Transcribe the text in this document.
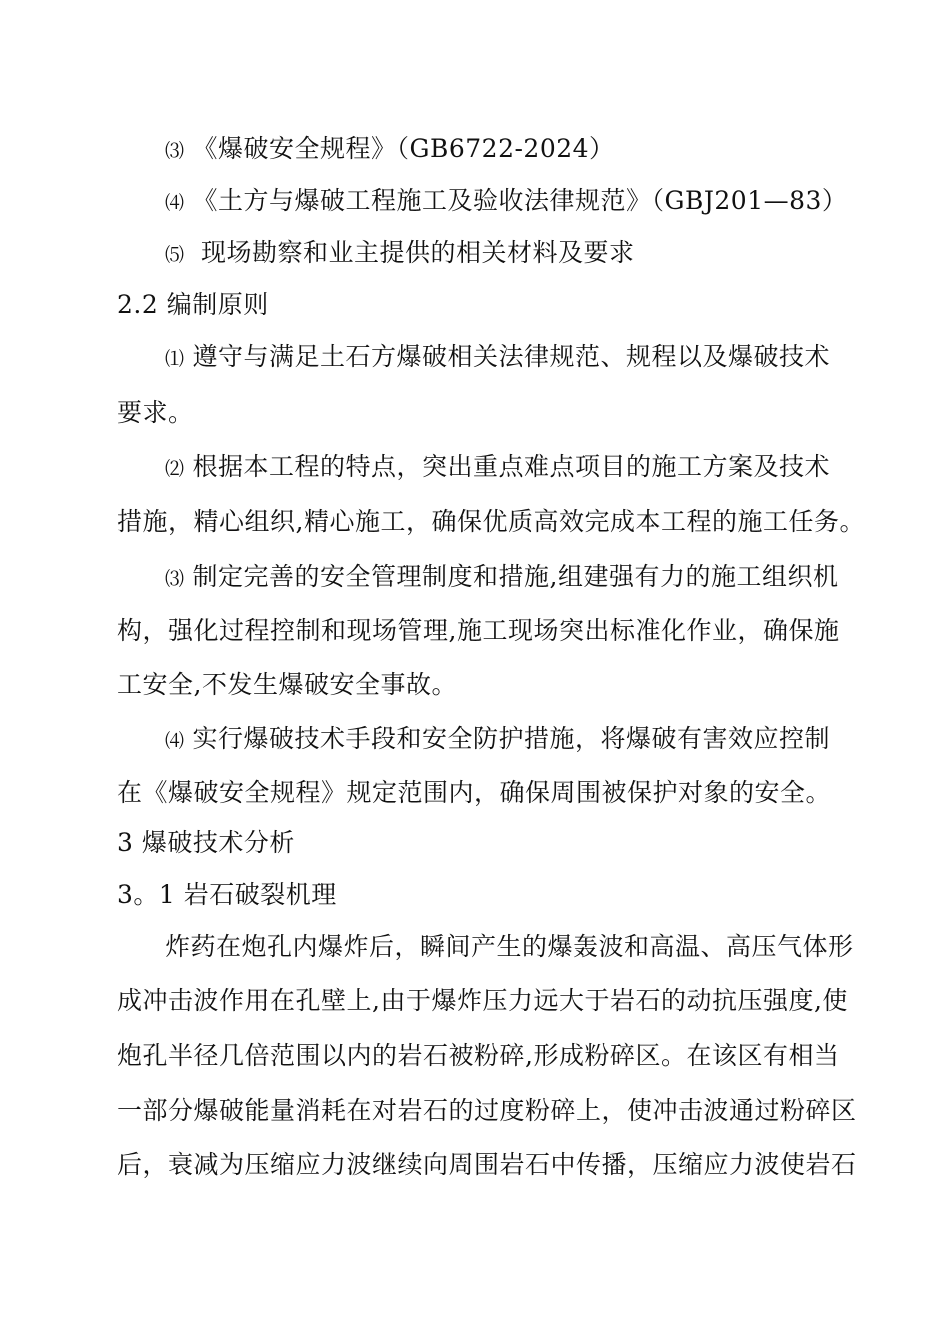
⑶ 《爆破安全规程》（GB6722-2024）
⑷ 《土方与爆破工程施工及验收法律规范》（GBJ201—83）
⑸ 现场勘察和业主提供的相关材料及要求
2.2 编制原则
⑴ 遵守与满足土石方爆破相关法律规范、规程以及爆破技术
要求。
⑵ 根据本工程的特点，突出重点难点项目的施工方案及技术
措施，精心组织,精心施工，确保优质高效完成本工程的施工任务。
⑶ 制定完善的安全管理制度和措施,组建强有力的施工组织机
构，强化过程控制和现场管理,施工现场突出标准化作业，确保施
工安全,不发生爆破安全事故。
⑷ 实行爆破技术手段和安全防护措施，将爆破有害效应控制
在《爆破安全规程》规定范围内，确保周围被保护对象的安全。
3 爆破技术分析
3。1 岩石破裂机理
炸药在炮孔内爆炸后，瞬间产生的爆轰波和高温、高压气体形
成冲击波作用在孔壁上,由于爆炸压力远大于岩石的动抗压强度,使
炮孔半径几倍范围以内的岩石被粉碎,形成粉碎区。在该区有相当
一部分爆破能量消耗在对岩石的过度粉碎上，使冲击波通过粉碎区
后，衰减为压缩应力波继续向周围岩石中传播，压缩应力波使岩石
